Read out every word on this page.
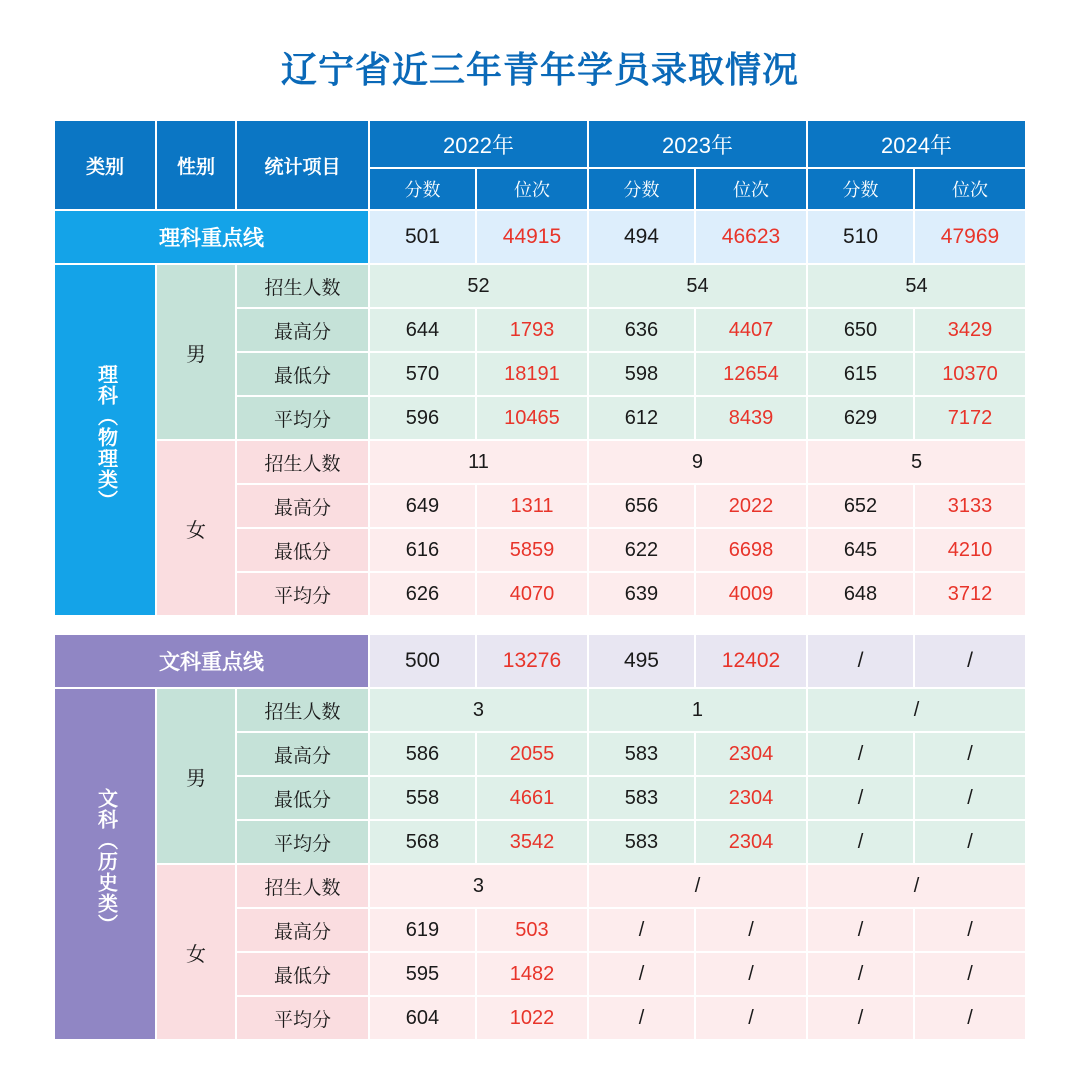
辽宁省近三年青年学员录取情况
类别	性别	统计项目	2022年		2023年		2024年	
			分数	位次	分数	位次	分数	位次
理科重点线			501	44915	494	46623	510	47969
理科（物理类）	男	招生人数	52		54		54	
		最高分	644	1793	636	4407	650	3429
		最低分	570	18191	598	12654	615	10370
		平均分	596	10465	612	8439	629	7172
	女	招生人数	11		9		5	
		最高分	649	1311	656	2022	652	3133
		最低分	616	5859	622	6698	645	4210
		平均分	626	4070	639	4009	648	3712

文科重点线			500	13276	495	12402	/	/
文科（历史类）	男	招生人数	3		1		/	
		最高分	586	2055	583	2304	/	/
		最低分	558	4661	583	2304	/	/
		平均分	568	3542	583	2304	/	/
	女	招生人数	3		/		/	
		最高分	619	503	/	/	/	/
		最低分	595	1482	/	/	/	/
		平均分	604	1022	/	/	/	/
